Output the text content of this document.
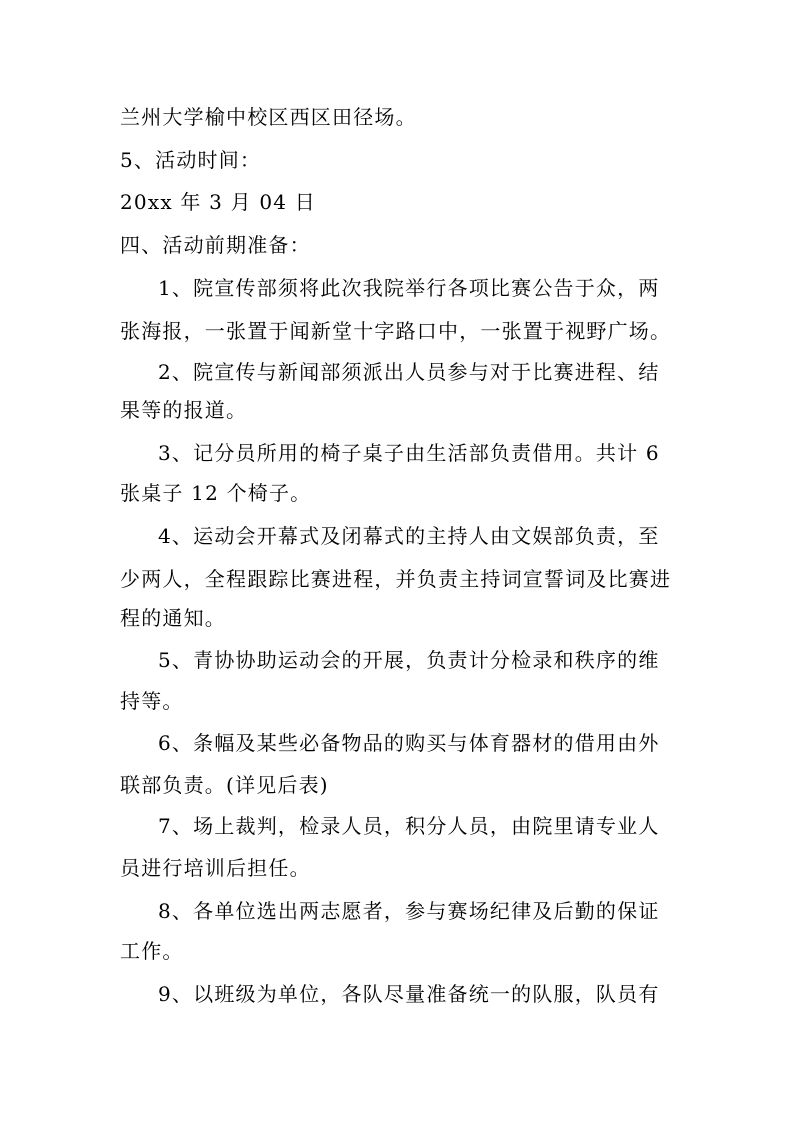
兰州大学榆中校区西区田径场。
5、活动时间：
20xx 年 3 月 04 日
四、活动前期准备：
1、院宣传部须将此次我院举行各项比赛公告于众，两
张海报，一张置于闻新堂十字路口中，一张置于视野广场。
2、院宣传与新闻部须派出人员参与对于比赛进程、结
果等的报道。
3、记分员所用的椅子桌子由生活部负责借用。共计 6
张桌子 12 个椅子。
4、运动会开幕式及闭幕式的主持人由文娱部负责，至
少两人，全程跟踪比赛进程，并负责主持词宣誓词及比赛进
程的通知。
5、青协协助运动会的开展，负责计分检录和秩序的维
持等。
6、条幅及某些必备物品的购买与体育器材的借用由外
联部负责。(详见后表)
7、场上裁判，检录人员，积分人员，由院里请专业人
员进行培训后担任。
8、各单位选出两志愿者，参与赛场纪律及后勤的保证
工作。
9、以班级为单位，各队尽量准备统一的队服，队员有
